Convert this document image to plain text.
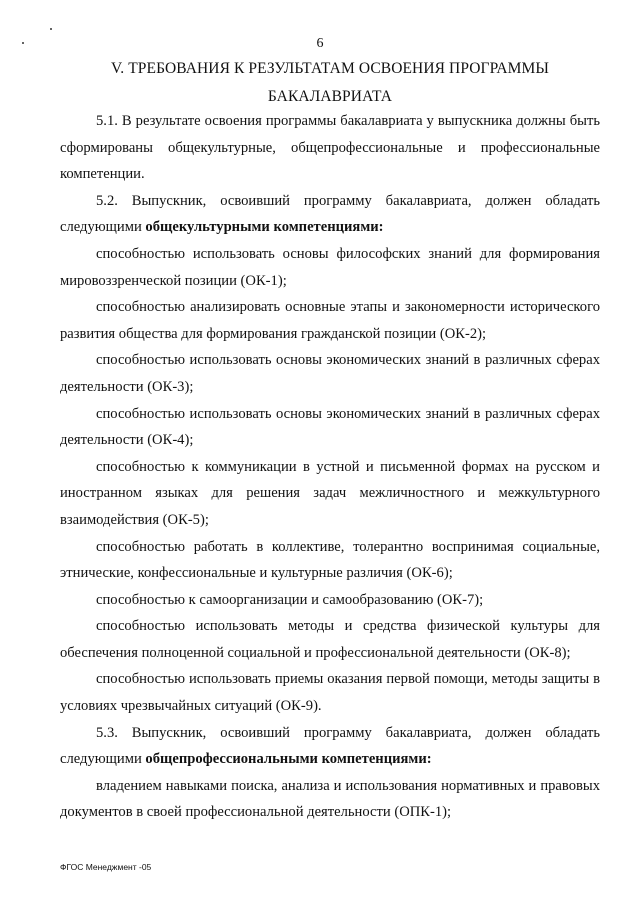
6
V. ТРЕБОВАНИЯ К РЕЗУЛЬТАТАМ ОСВОЕНИЯ ПРОГРАММЫ
БАКАЛАВРИАТА

5.1. В результате освоения программы бакалавриата у выпускника должны быть сформированы общекультурные, общепрофессиональные и профессиональные компетенции.

5.2. Выпускник, освоивший программу бакалавриата, должен обладать следующими общекультурными компетенциями:

способностью использовать основы философских знаний для формирования мировоззренческой позиции (ОК-1);

способностью анализировать основные этапы и закономерности исторического развития общества для формирования гражданской позиции (ОК-2);

способностью использовать основы экономических знаний в различных сферах деятельности (ОК-3);

способностью использовать основы экономических знаний в различных сферах деятельности (ОК-4);

способностью к коммуникации в устной и письменной формах на русском и иностранном языках для решения задач межличностного и межкультурного взаимодействия (ОК-5);

способностью работать в коллективе, толерантно воспринимая социальные, этнические, конфессиональные и культурные различия (ОК-6);

способностью к самоорганизации и самообразованию (ОК-7);

способностью использовать методы и средства физической культуры для обеспечения полноценной социальной и профессиональной деятельности (ОК-8);

способностью использовать приемы оказания первой помощи, методы защиты в условиях чрезвычайных ситуаций (ОК-9).

5.3. Выпускник, освоивший программу бакалавриата, должен обладать следующими общепрофессиональными компетенциями:

владением навыками поиска, анализа и использования нормативных и правовых документов в своей профессиональной деятельности (ОПК-1);

ФГОС Менеджмент -05
